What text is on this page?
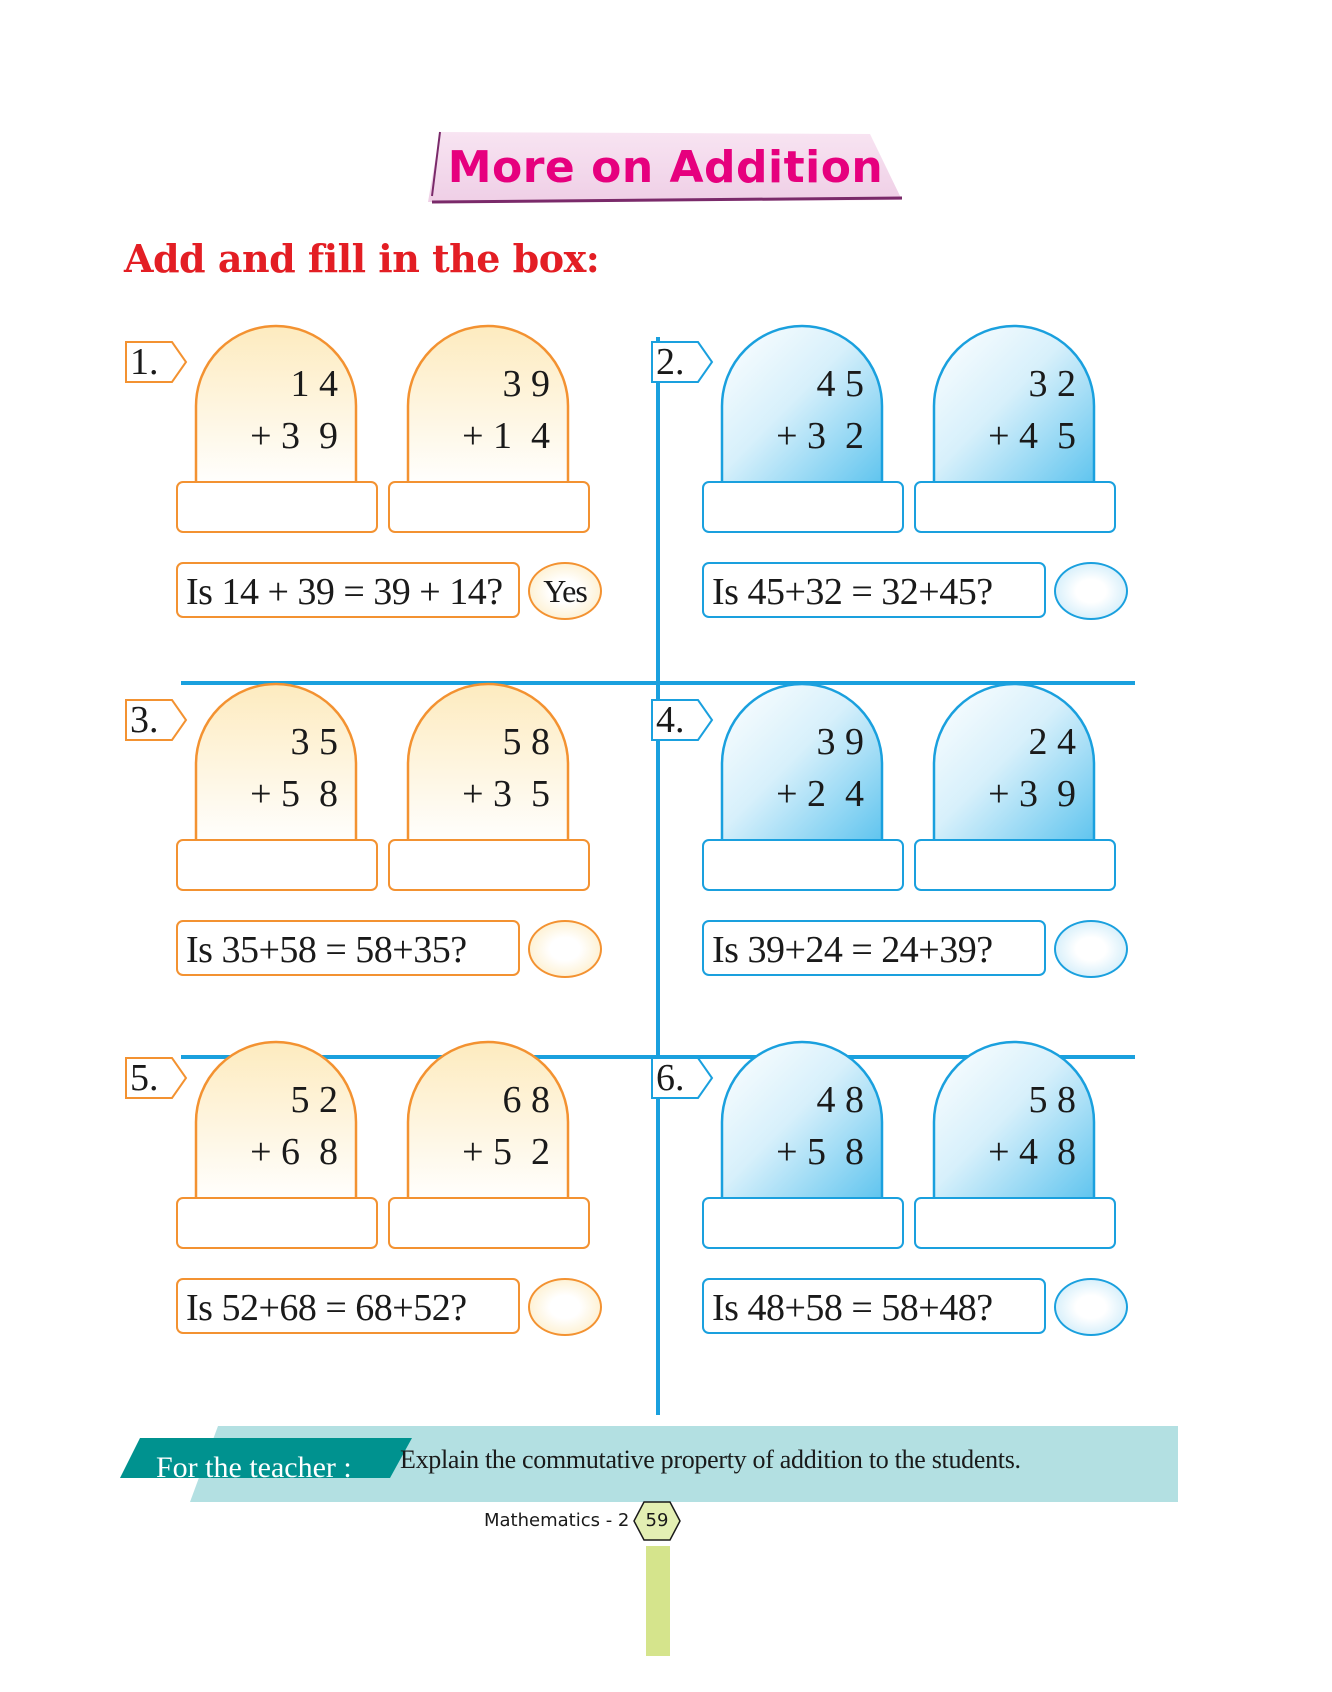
More on Addition
Add and fill in the box:
1.
1 4
+ 3  9
3 9
+ 1  4
Is 14 + 39 = 39 + 14?	Yes
2.
4 5
+ 3  2
3 2
+ 4  5
Is 45+32 = 32+45?
3.
3 5
+ 5  8
5 8
+ 3  5
Is 35+58 = 58+35?
4.
3 9
+ 2  4
2 4
+ 3  9
Is 39+24 = 24+39?
5.
5 2
+ 6  8
6 8
+ 5  2
Is 52+68 = 68+52?
6.
4 8
+ 5  8
5 8
+ 4  8
Is 48+58 = 58+48?
For the teacher : Explain the commutative property of addition to the students.
Mathematics - 2 59
